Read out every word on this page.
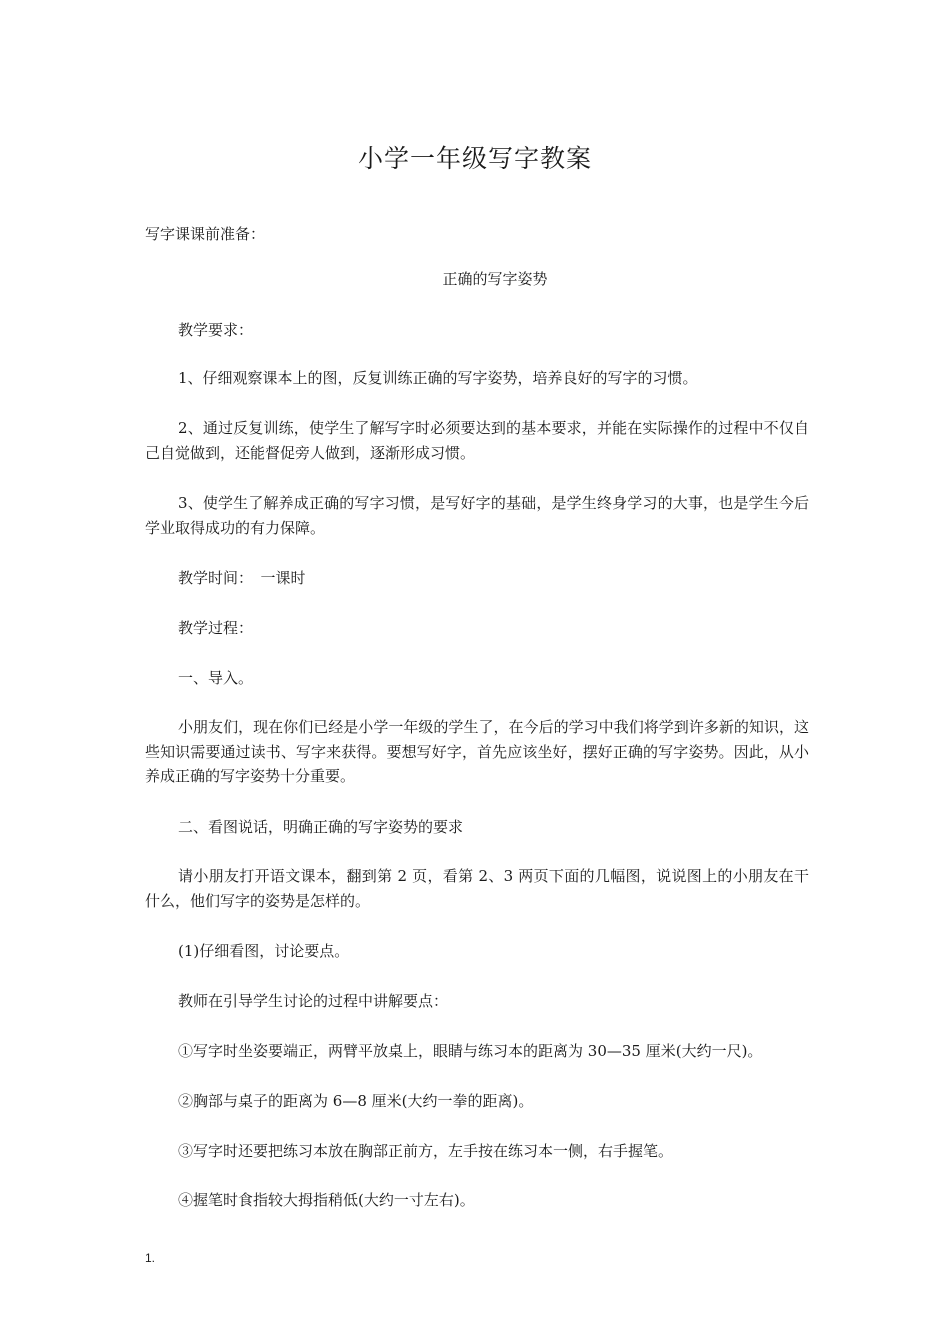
小学一年级写字教案
写字课课前准备：
正确的写字姿势
教学要求：
1、仔细观察课本上的图，反复训练正确的写字姿势，培养良好的写字的习惯。
2、通过反复训练，使学生了解写字时必须要达到的基本要求，并能在实际操作的过程中不仅自己自觉做到，还能督促旁人做到，逐渐形成习惯。
3、使学生了解养成正确的写字习惯，是写好字的基础，是学生终身学习的大事，也是学生今后学业取得成功的有力保障。
教学时间：　一课时
教学过程：
一、导入。
小朋友们，现在你们已经是小学一年级的学生了，在今后的学习中我们将学到许多新的知识，这些知识需要通过读书、写字来获得。要想写好字，首先应该坐好，摆好正确的写字姿势。因此，从小养成正确的写字姿势十分重要。
二、看图说话，明确正确的写字姿势的要求
请小朋友打开语文课本，翻到第 2 页，看第 2、3 两页下面的几幅图，说说图上的小朋友在干什么，他们写字的姿势是怎样的。
(1)仔细看图，讨论要点。
教师在引导学生讨论的过程中讲解要点：
①写字时坐姿要端正，两臂平放桌上，眼睛与练习本的距离为 30—35 厘米(大约一尺)。
②胸部与桌子的距离为 6—8 厘米(大约一拳的距离)。
③写字时还要把练习本放在胸部正前方，左手按在练习本一侧，右手握笔。
④握笔时食指较大拇指稍低(大约一寸左右)。
1.
